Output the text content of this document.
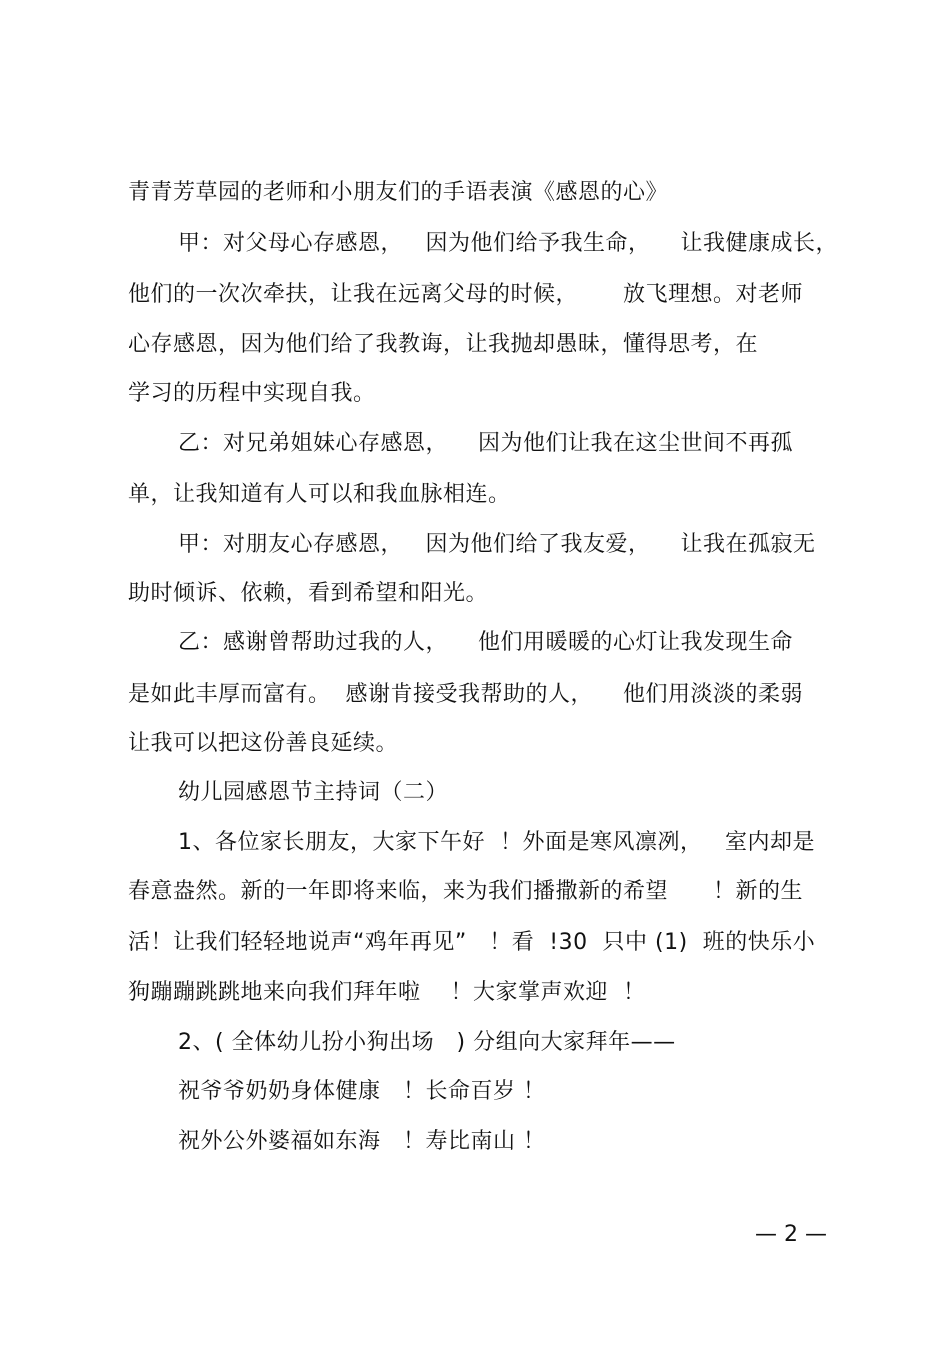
青青芳草园的老师和小朋友们的手语表演《感恩的心》
甲：对父母心存感恩，   因为他们给予我生命，    让我健康成长，
他们的一次次牵扶，让我在远离父母的时候，      放飞理想。对老师
心存感恩，因为他们给了我教诲，让我抛却愚昧，懂得思考，在
学习的历程中实现自我。
乙：对兄弟姐妹心存感恩，    因为他们让我在这尘世间不再孤
单，让我知道有人可以和我血脉相连。
甲：对朋友心存感恩，   因为他们给了我友爱，    让我在孤寂无
助时倾诉、依赖，看到希望和阳光。
乙：感谢曾帮助过我的人，    他们用暖暖的心灯让我发现生命
是如此丰厚而富有。  感谢肯接受我帮助的人，    他们用淡淡的柔弱
让我可以把这份善良延续。
幼儿园感恩节主持词（二）
1、各位家长朋友，大家下午好  ！外面是寒风凛冽，   室内却是
春意盎然。新的一年即将来临，来为我们播撒新的希望      ！新的生
活！让我们轻轻地说声“鸡年再见”   ！看  !30  只中 (1)  班的快乐小
狗蹦蹦跳跳地来向我们拜年啦    ！大家掌声欢迎  ！
2、( 全体幼儿扮小狗出场   ) 分组向大家拜年——
祝爷爷奶奶身体健康   ！长命百岁 ！
祝外公外婆福如东海   ！寿比南山 ！
— 2 —
